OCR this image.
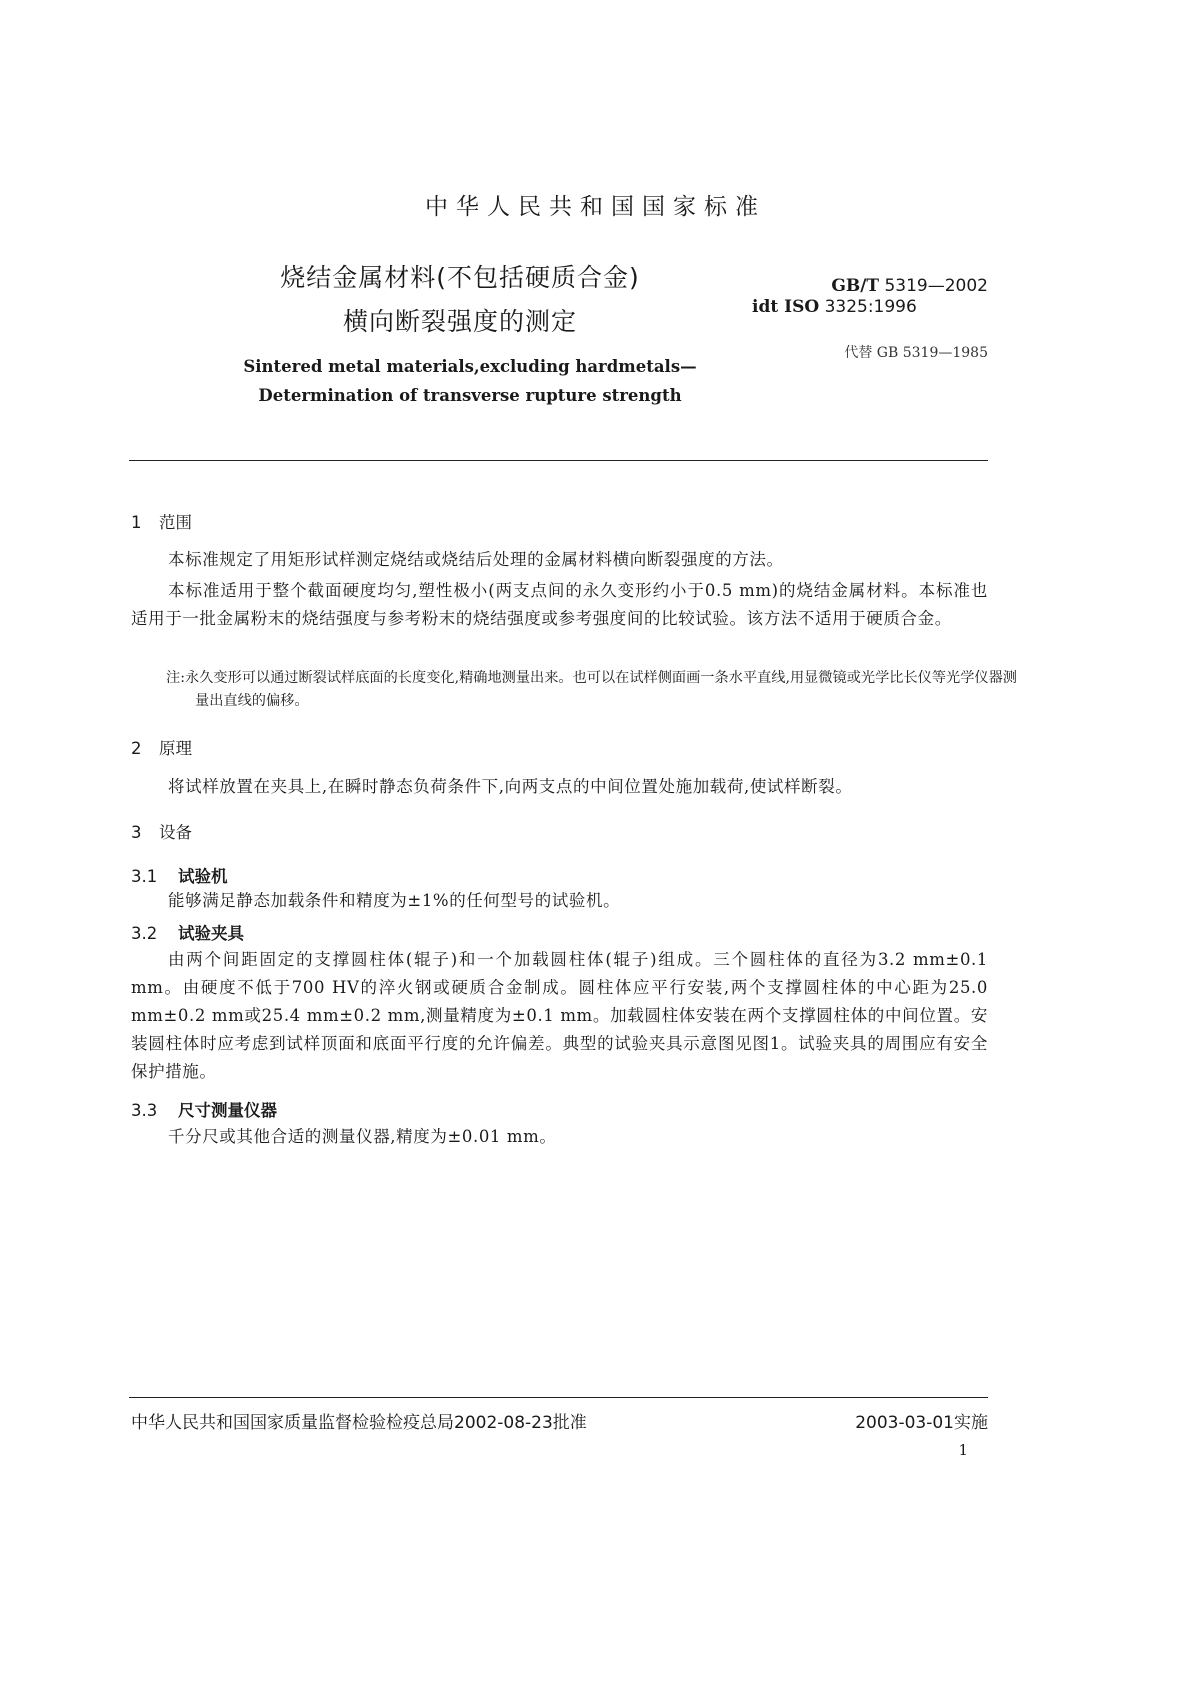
中华人民共和国国家标准
烧结金属材料(不包括硬质合金)
横向断裂强度的测定
GB/T 5319—2002
idt ISO 3325:1996
代替 GB 5319—1985
Sintered metal materials,excluding hardmetals—
Determination of transverse rupture strength
1 范围
本标准规定了用矩形试样测定烧结或烧结后处理的金属材料横向断裂强度的方法。
本标准适用于整个截面硬度均匀,塑性极小(两支点间的永久变形约小于0.5 mm)的烧结金属材料。本标准也适用于一批金属粉末的烧结强度与参考粉末的烧结强度或参考强度间的比较试验。该方法不适用于硬质合金。
注:永久变形可以通过断裂试样底面的长度变化,精确地测量出来。也可以在试样侧面画一条水平直线,用显微镜或光学比长仪等光学仪器测量出直线的偏移。
2 原理
将试样放置在夹具上,在瞬时静态负荷条件下,向两支点的中间位置处施加载荷,使试样断裂。
3 设备
3.1 试验机
能够满足静态加载条件和精度为±1%的任何型号的试验机。
3.2 试验夹具
由两个间距固定的支撑圆柱体(辊子)和一个加载圆柱体(辊子)组成。三个圆柱体的直径为3.2 mm±0.1 mm。由硬度不低于700 HV的淬火钢或硬质合金制成。圆柱体应平行安装,两个支撑圆柱体的中心距为25.0 mm±0.2 mm或25.4 mm±0.2 mm,测量精度为±0.1 mm。加载圆柱体安装在两个支撑圆柱体的中间位置。安装圆柱体时应考虑到试样顶面和底面平行度的允许偏差。典型的试验夹具示意图见图1。试验夹具的周围应有安全保护措施。
3.3 尺寸测量仪器
千分尺或其他合适的测量仪器,精度为±0.01 mm。
中华人民共和国国家质量监督检验检疫总局2002-08-23批准	2003-03-01实施
1
